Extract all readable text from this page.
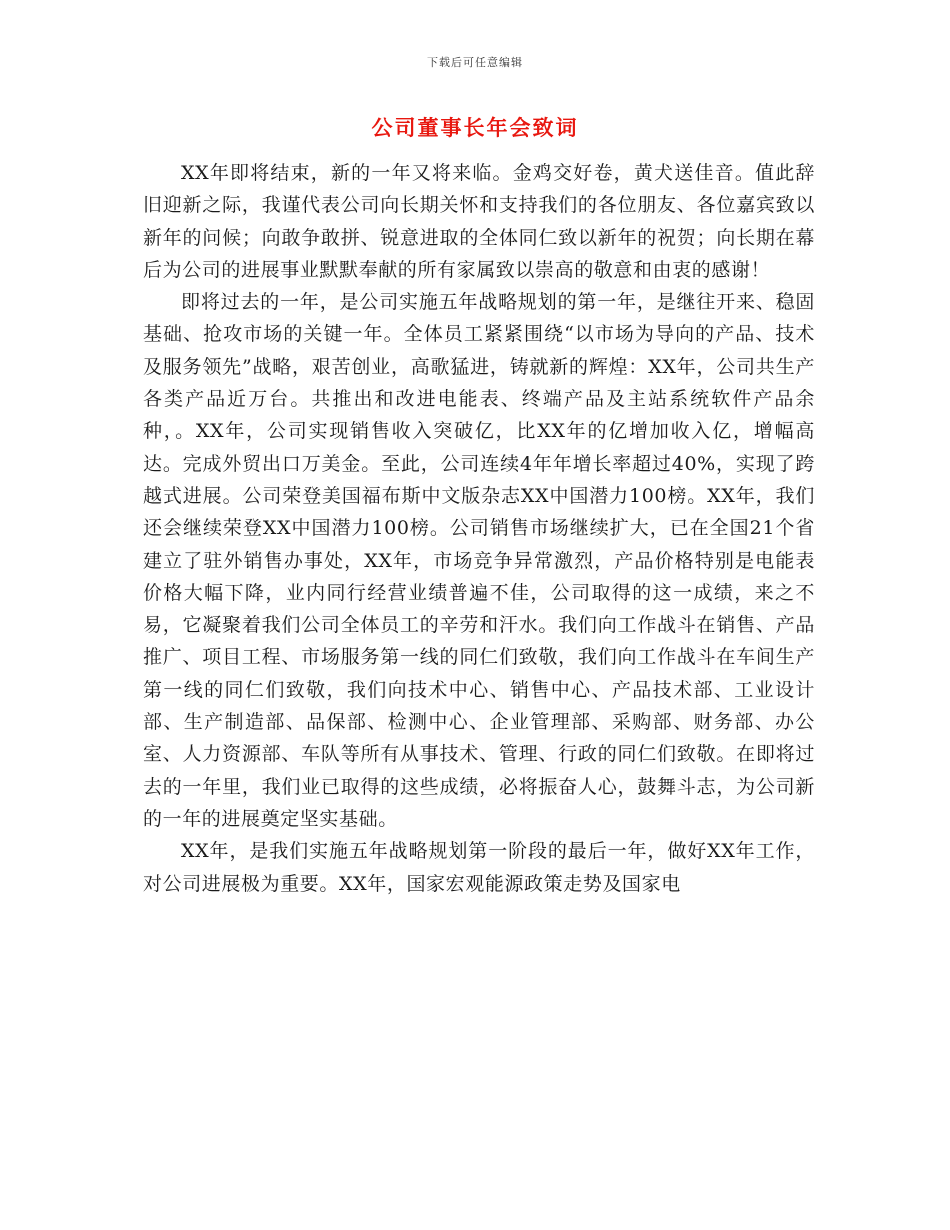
下载后可任意编辑
公司董事长年会致词

XX年即将结束，新的一年又将来临。金鸡交好卷，黄犬送佳音。值此辞旧迎新之际，我谨代表公司向长期关怀和支持我们的各位朋友、各位嘉宾致以新年的问候；向敢争敢拼、锐意进取的全体同仁致以新年的祝贺；向长期在幕后为公司的进展事业默默奉献的所有家属致以崇高的敬意和由衷的感谢！

即将过去的一年，是公司实施五年战略规划的第一年，是继往开来、稳固基础、抢攻市场的关键一年。全体员工紧紧围绕“以市场为导向的产品、技术及服务领先”战略，艰苦创业，高歌猛进，铸就新的辉煌：XX年，公司共生产各类产品近万台。共推出和改进电能表、终端产品及主站系统软件产品余种，。XX年，公司实现销售收入突破亿，比XX年的亿增加收入亿，增幅高达。完成外贸出口万美金。至此，公司连续4年年增长率超过40%，实现了跨越式进展。公司荣登美国福布斯中文版杂志XX中国潜力100榜。XX年，我们还会继续荣登XX中国潜力100榜。公司销售市场继续扩大，已在全国21个省建立了驻外销售办事处，XX年，市场竞争异常激烈，产品价格特别是电能表价格大幅下降，业内同行经营业绩普遍不佳，公司取得的这一成绩，来之不易，它凝聚着我们公司全体员工的辛劳和汗水。我们向工作战斗在销售、产品推广、项目工程、市场服务第一线的同仁们致敬，我们向工作战斗在车间生产第一线的同仁们致敬，我们向技术中心、销售中心、产品技术部、工业设计部、生产制造部、品保部、检测中心、企业管理部、采购部、财务部、办公室、人力资源部、车队等所有从事技术、管理、行政的同仁们致敬。在即将过去的一年里，我们业已取得的这些成绩，必将振奋人心，鼓舞斗志，为公司新的一年的进展奠定坚实基础。

XX年，是我们实施五年战略规划第一阶段的最后一年，做好XX年工作，对公司进展极为重要。XX年，国家宏观能源政策走势及国家电
